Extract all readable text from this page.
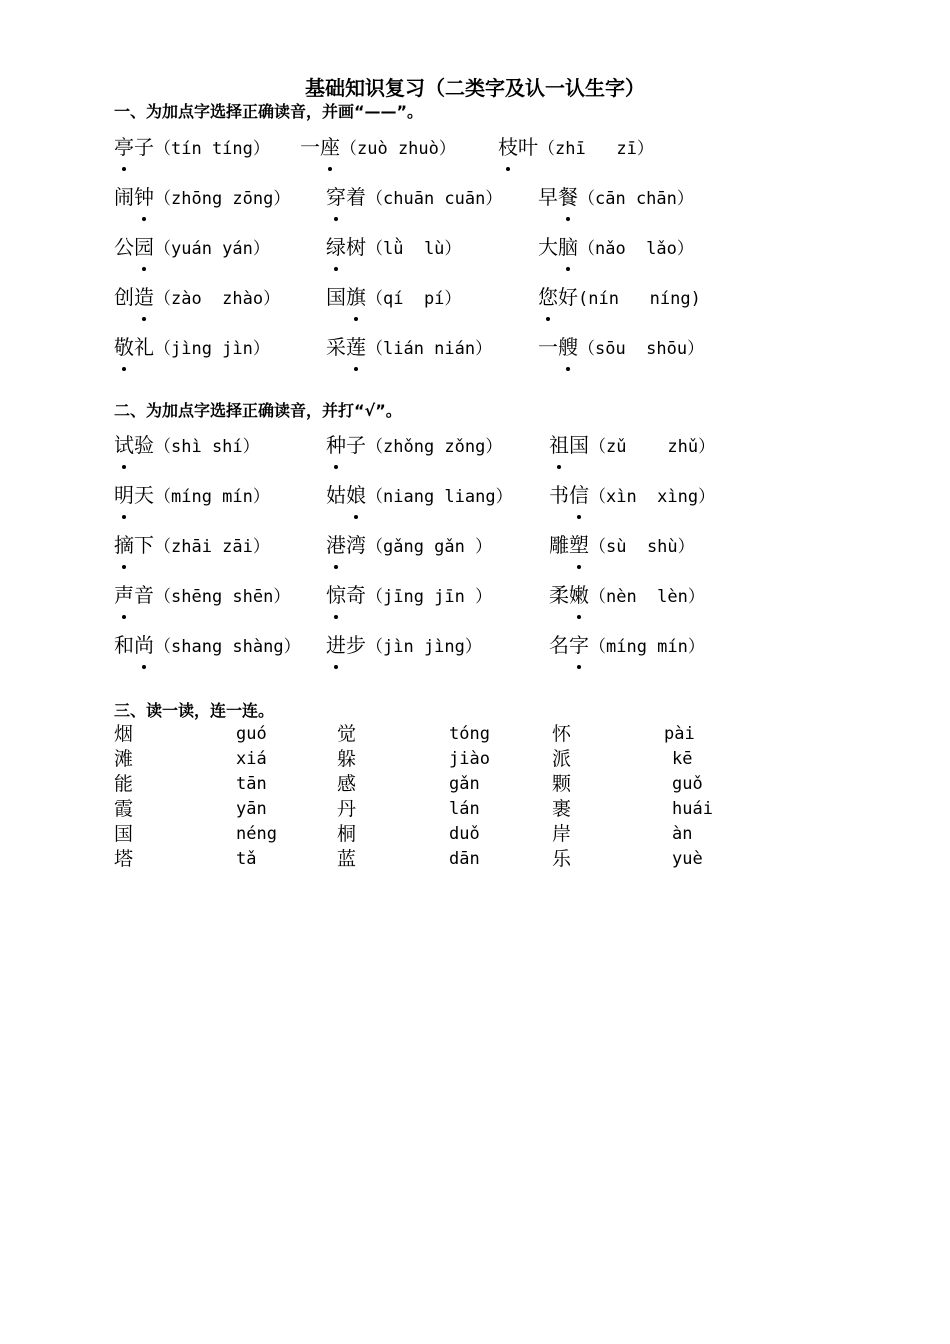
基础知识复习（二类字及认一认生字）
一、为加点字选择正确读音，并画“——”。
亭子 （tín tíng） 一座 （zuò zhuò） 枝叶 （zhī   zī）
闹钟 （zhōng zōng） 穿着 （chuān cuān） 早餐 （cān chān）
公园 （yuán yán）	绿树 （lǜ  lù）	大脑 （nǎo  lǎo）
创造 （zào  zhào） 国旗 （qí  pí）	您好 (nín   níng)
敬礼 （jìng jìn）	采莲 （lián nián） 一艘 （sōu  shōu）
二、为加点字选择正确读音，并打“√”。
试验 （shì shí）	种子 （zhǒng zǒng） 祖国 （zǔ    zhǔ）
明天 （míng mín）	姑娘 （niang liang） 书信 （xìn  xìng）
摘下 （zhāi zāi）	港湾 （gǎng gǎn ）	雕塑 （sù  shù）
声音 （shēng shēn） 惊奇 （jīng jīn ）	柔嫩 （nèn  lèn）
和尚 （shang shàng） 进步 （jìn jìng）	名字 （míng mín）
三、读一读，连一连。
烟	guó	觉	tóng	怀	pài
滩	xiá	躲	jiào	派	kē
能	tān	感	gǎn	颗	guǒ
霞	yān	丹	lán	裹	huái
国	néng	桐	duǒ	岸	àn
塔	tǎ	蓝	dān	乐	yuè
